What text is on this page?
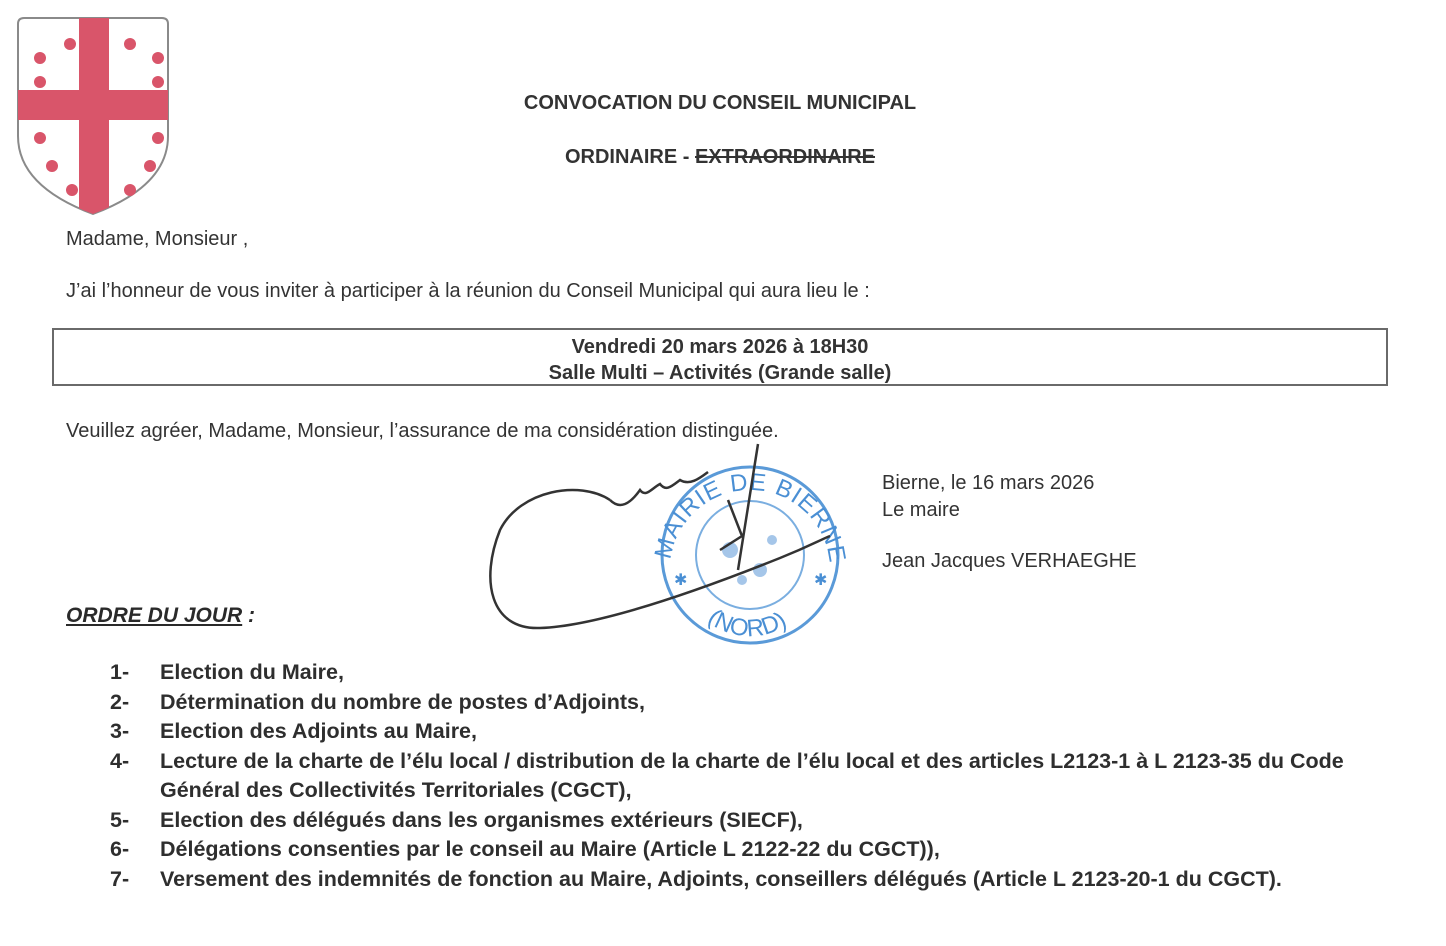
CONVOCATION DU CONSEIL MUNICIPAL
ORDINAIRE - EXTRAORDINAIRE
Madame, Monsieur ,
J’ai l’honneur de vous inviter à participer à la réunion du Conseil Municipal qui aura lieu le :
Vendredi 20 mars 2026 à 18H30
Salle Multi – Activités (Grande salle)
Veuillez agréer, Madame, Monsieur, l’assurance de ma considération distinguée.
MAIRIE DE BIERNE
(NORD)
✱	✱
Bierne, le 16 mars 2026
Le maire
Jean Jacques VERHAEGHE
ORDRE DU JOUR :
1-	Election du Maire,
2-	Détermination du nombre de postes d’Adjoints,
3-	Election des Adjoints au Maire,
4-	Lecture de la charte de l’élu local / distribution de la charte de l’élu local et des articles L2123-1 à L 2123-35 du Code Général des Collectivités Territoriales (CGCT),
5-	Election des délégués dans les organismes extérieurs (SIECF),
6-	Délégations consenties par le conseil au Maire (Article L 2122-22 du CGCT)),
7-	Versement des indemnités de fonction au Maire, Adjoints, conseillers délégués (Article L 2123-20-1 du CGCT).
